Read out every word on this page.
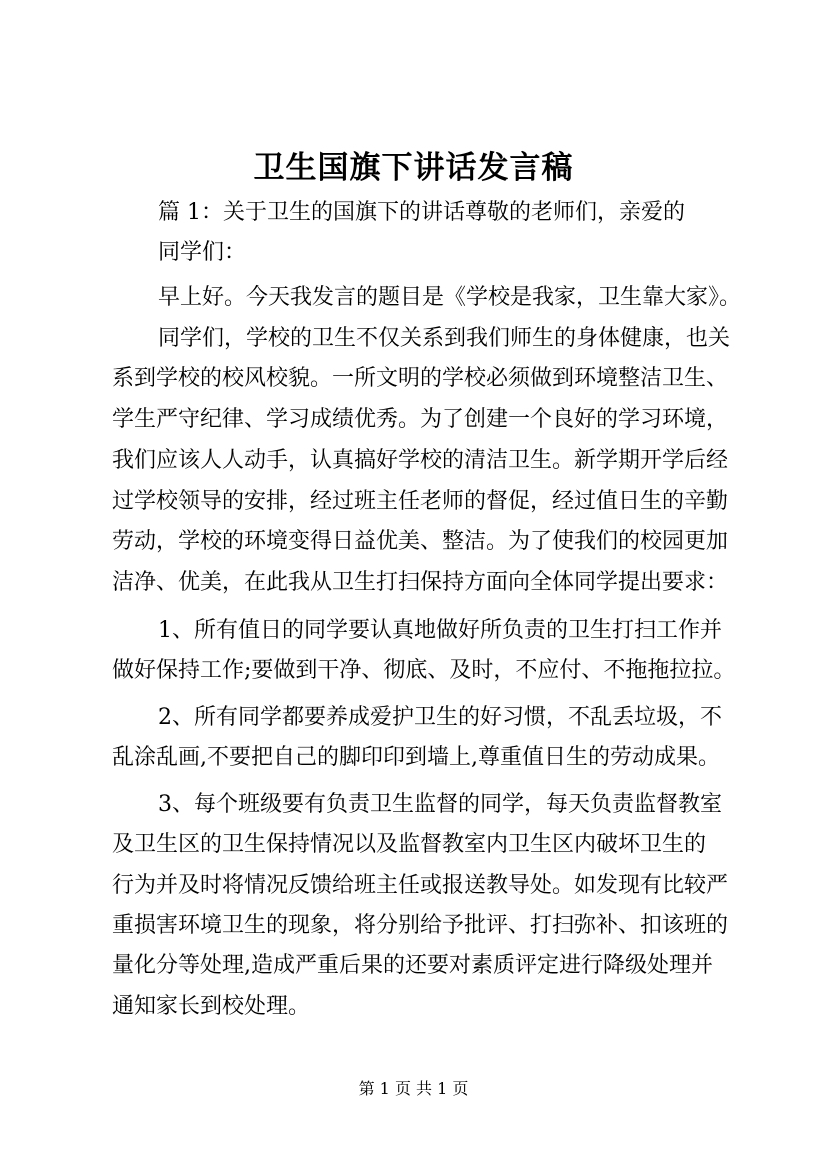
卫生国旗下讲话发言稿
篇 1：关于卫生的国旗下的讲话尊敬的老师们，亲爱的
同学们：
早上好。今天我发言的题目是《学校是我家，卫生靠大家》。
同学们，学校的卫生不仅关系到我们师生的身体健康，也关
系到学校的校风校貌。一所文明的学校必须做到环境整洁卫生、
学生严守纪律、学习成绩优秀。为了创建一个良好的学习环境，
我们应该人人动手，认真搞好学校的清洁卫生。新学期开学后经
过学校领导的安排，经过班主任老师的督促，经过值日生的辛勤
劳动，学校的环境变得日益优美、整洁。为了使我们的校园更加
洁净、优美，在此我从卫生打扫保持方面向全体同学提出要求：
1、所有值日的同学要认真地做好所负责的卫生打扫工作并
做好保持工作;要做到干净、彻底、及时，不应付、不拖拖拉拉。
2、所有同学都要养成爱护卫生的好习惯，不乱丢垃圾，不
乱涂乱画,不要把自己的脚印印到墙上,尊重值日生的劳动成果。
3、每个班级要有负责卫生监督的同学，每天负责监督教室
及卫生区的卫生保持情况以及监督教室内卫生区内破坏卫生的
行为并及时将情况反馈给班主任或报送教导处。如发现有比较严
重损害环境卫生的现象，将分别给予批评、打扫弥补、扣该班的
量化分等处理,造成严重后果的还要对素质评定进行降级处理并
通知家长到校处理。
第 1 页 共 1 页
